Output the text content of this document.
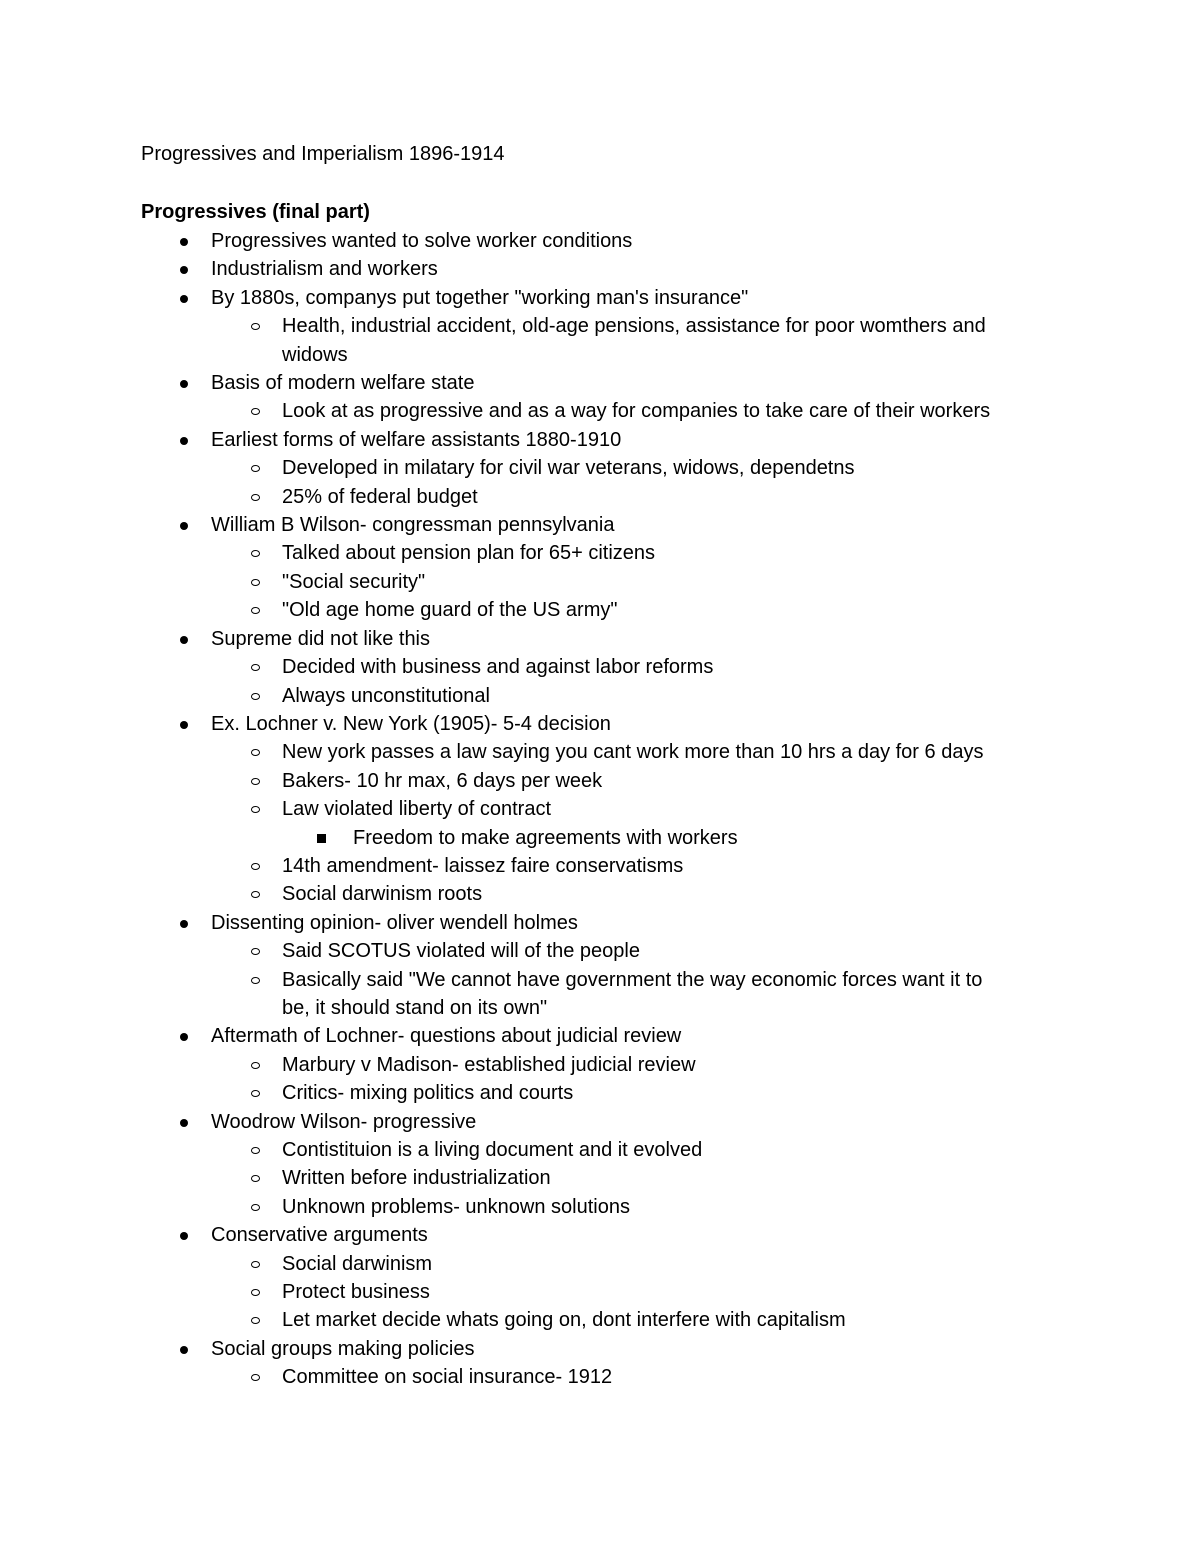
Progressives and Imperialism 1896-1914
Progressives (final part)
Progressives wanted to solve worker conditions
Industrialism and workers
By 1880s, companys put together "working man's insurance"
Health, industrial accident, old-age pensions, assistance for poor womthers and
widows
Basis of modern welfare state
Look at as progressive and as a way for companies to take care of their workers
Earliest forms of welfare assistants 1880-1910
Developed in milatary for civil war veterans, widows, dependetns
25% of federal budget
William B Wilson- congressman pennsylvania
Talked about pension plan for 65+ citizens
"Social security"
"Old age home guard of the US army"
Supreme did not like this
Decided with business and against labor reforms
Always unconstitutional
Ex. Lochner v. New York (1905)- 5-4 decision
New york passes a law saying you cant work more than 10 hrs a day for 6 days
Bakers- 10 hr max, 6 days per week
Law violated liberty of contract
Freedom to make agreements with workers
14th amendment- laissez faire conservatisms
Social darwinism roots
Dissenting opinion- oliver wendell holmes
Said SCOTUS violated will of the people
Basically said "We cannot have government the way economic forces want it to
be, it should stand on its own"
Aftermath of Lochner- questions about judicial review
Marbury v Madison- established judicial review
Critics- mixing politics and courts
Woodrow Wilson- progressive
Contistituion is a living document and it evolved
Written before industrialization
Unknown problems- unknown solutions
Conservative arguments
Social darwinism
Protect business
Let market decide whats going on, dont interfere with capitalism
Social groups making policies
Committee on social insurance- 1912
